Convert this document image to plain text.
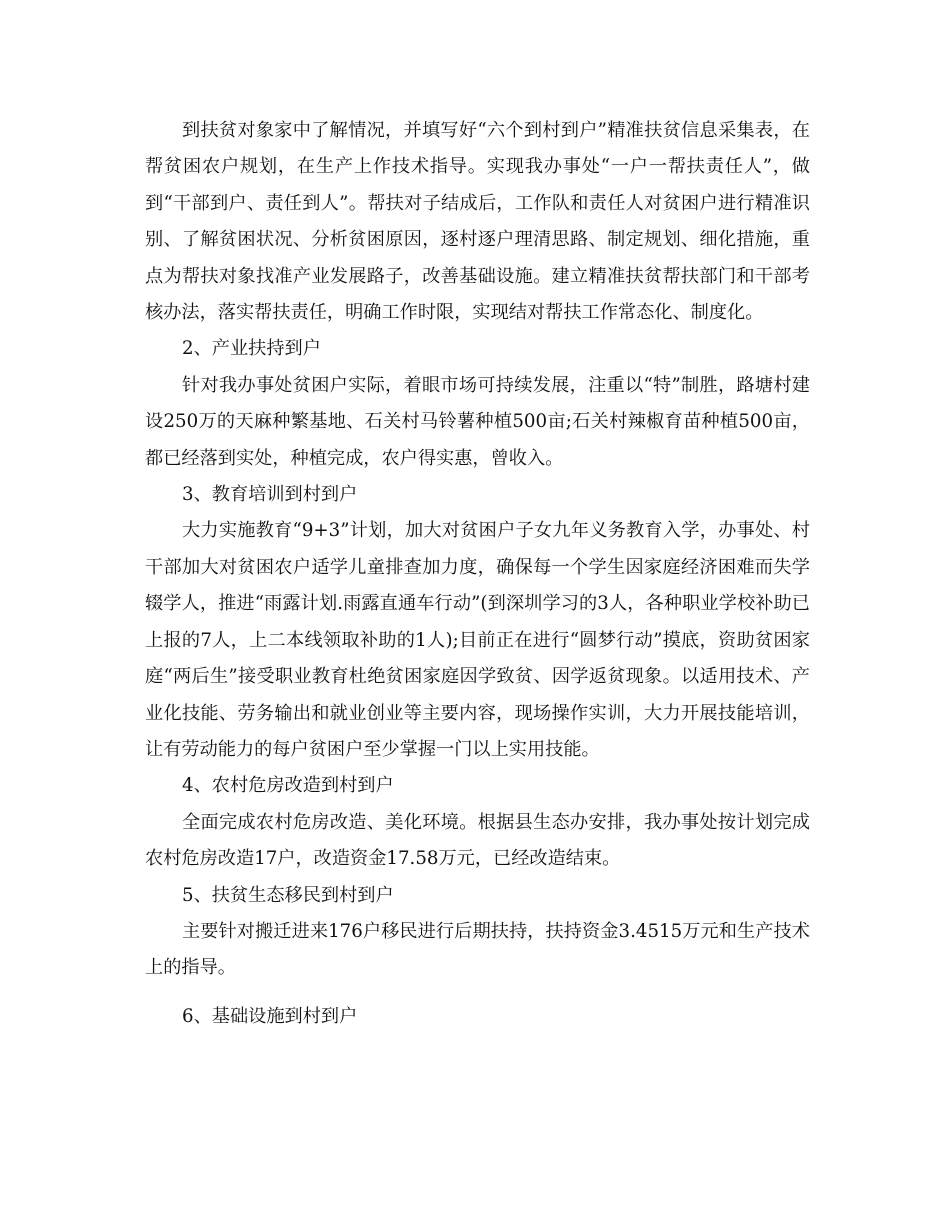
到扶贫对象家中了解情况，并填写好“六个到村到户”精准扶贫信息采集表，在帮贫困农户规划，在生产上作技术指导。实现我办事处“一户一帮扶责任人”，做到“干部到户、责任到人”。帮扶对子结成后，工作队和责任人对贫困户进行精准识别、了解贫困状况、分析贫困原因，逐村逐户理清思路、制定规划、细化措施，重点为帮扶对象找准产业发展路子，改善基础设施。建立精准扶贫帮扶部门和干部考核办法，落实帮扶责任，明确工作时限，实现结对帮扶工作常态化、制度化。

2、产业扶持到户

针对我办事处贫困户实际，着眼市场可持续发展，注重以“特”制胜，路塘村建设250万的天麻种繁基地、石关村马铃薯种植500亩;石关村辣椒育苗种植500亩，都已经落到实处，种植完成，农户得实惠，曾收入。

3、教育培训到村到户

大力实施教育“9+3”计划，加大对贫困户子女九年义务教育入学，办事处、村干部加大对贫困农户适学儿童排查加力度，确保每一个学生因家庭经济困难而失学辍学人，推进“雨露计划.雨露直通车行动”(到深圳学习的3人，各种职业学校补助已上报的7人，上二本线领取补助的1人);目前正在进行“圆梦行动”摸底，资助贫困家庭“两后生”接受职业教育杜绝贫困家庭因学致贫、因学返贫现象。以适用技术、产业化技能、劳务输出和就业创业等主要内容，现场操作实训，大力开展技能培训，让有劳动能力的每户贫困户至少掌握一门以上实用技能。

4、农村危房改造到村到户

全面完成农村危房改造、美化环境。根据县生态办安排，我办事处按计划完成农村危房改造17户，改造资金17.58万元，已经改造结束。

5、扶贫生态移民到村到户

主要针对搬迁进来176户移民进行后期扶持，扶持资金3.4515万元和生产技术上的指导。

6、基础设施到村到户
